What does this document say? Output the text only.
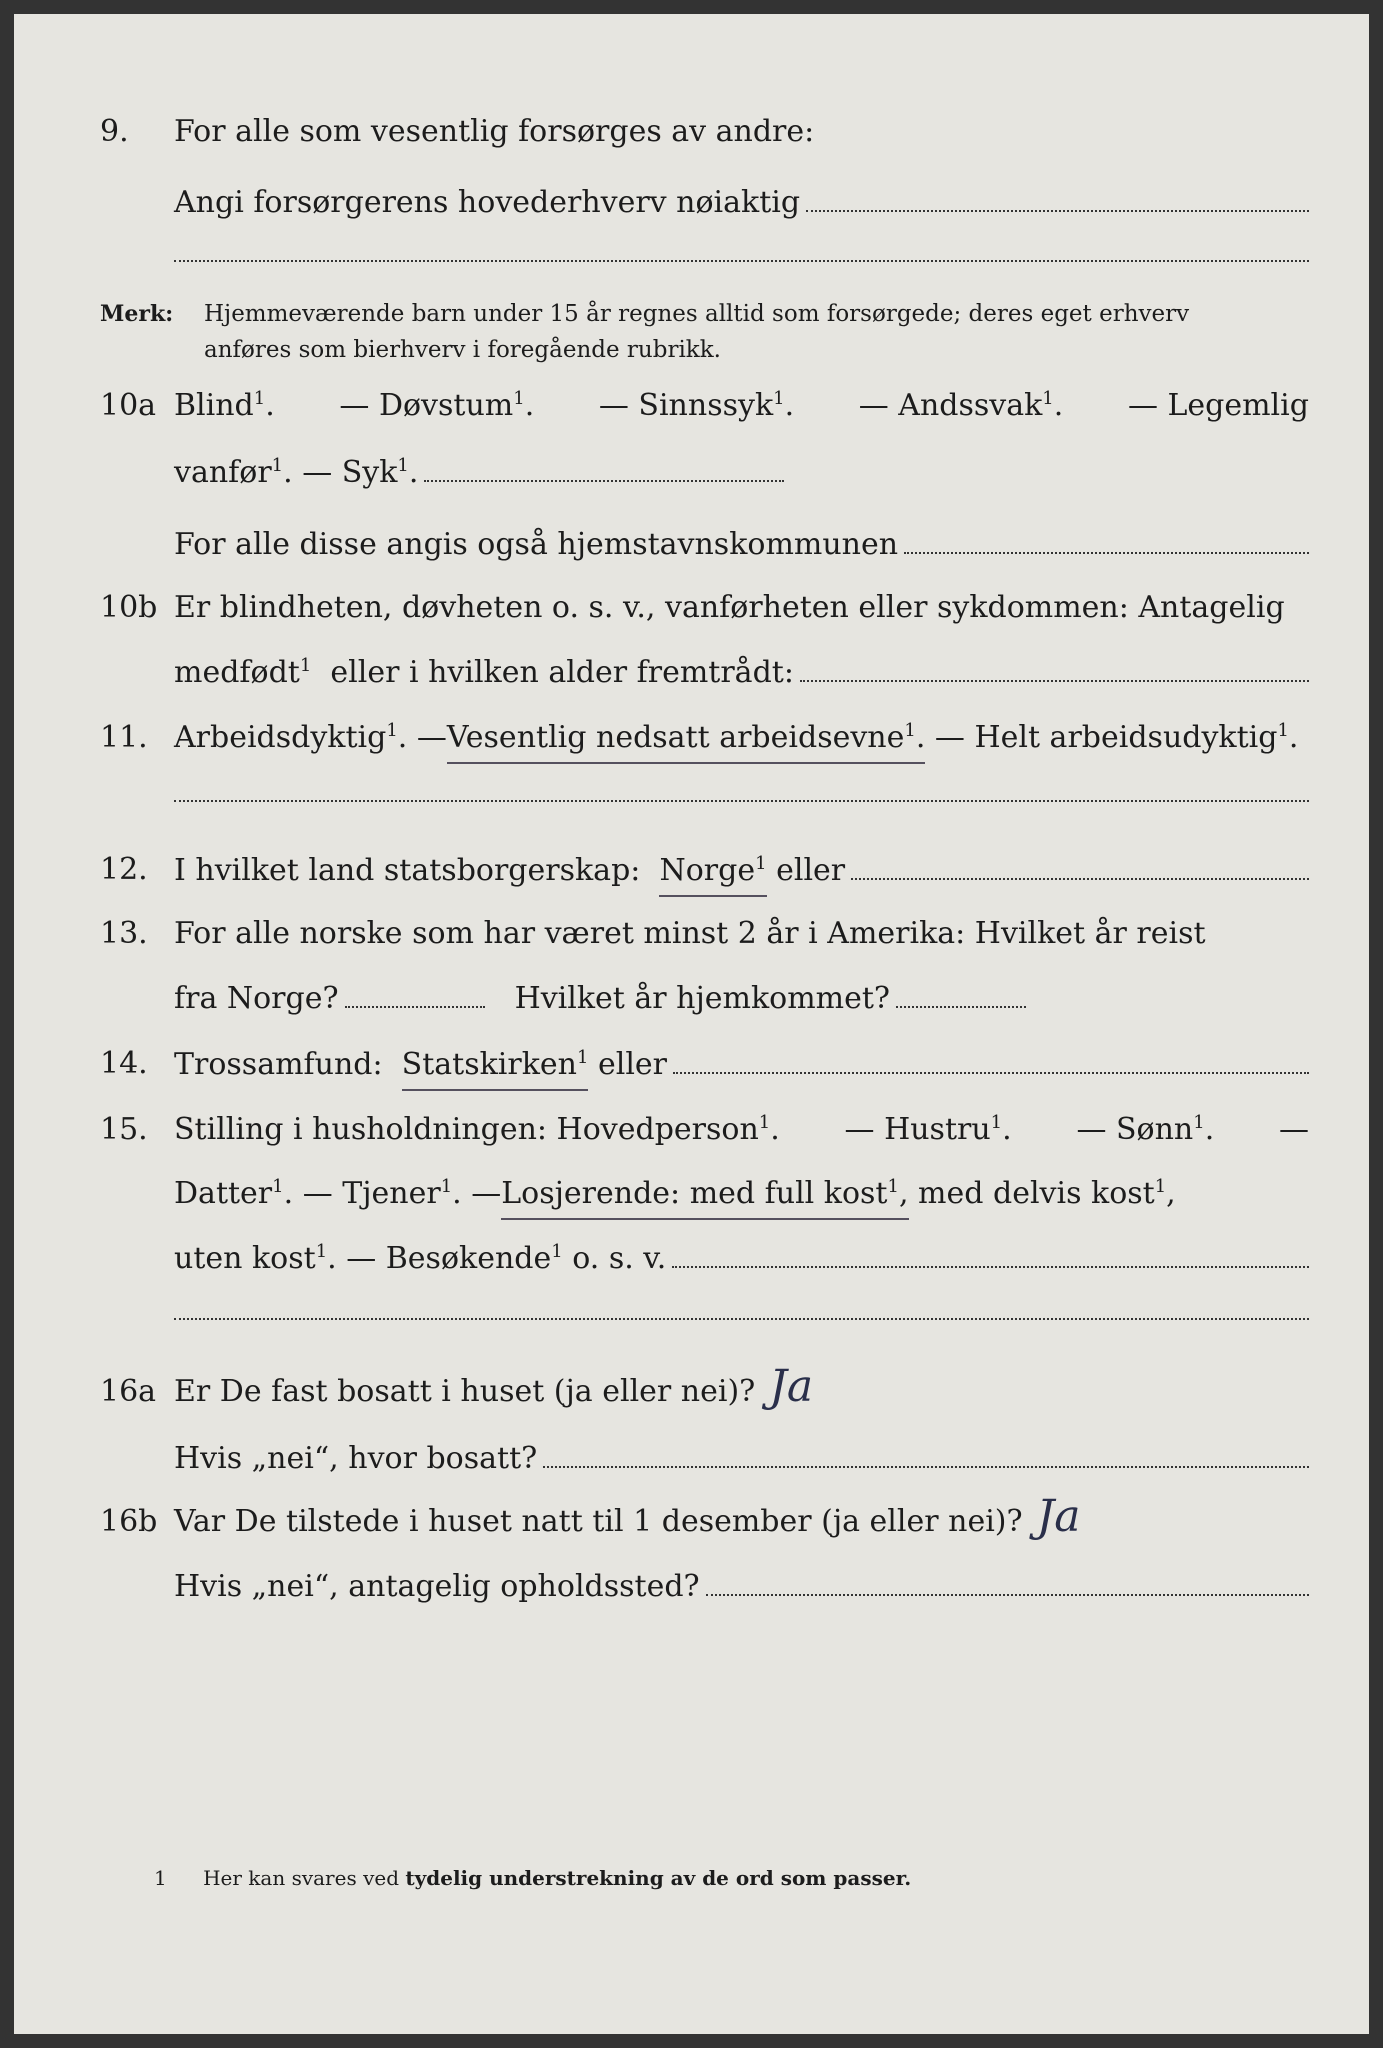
9. For alle som vesentlig forsørges av andre:
Angi forsørgerens hovederhverv nøiaktig
Merk: Hjemmeværende barn under 15 år regnes alltid som forsørgede; deres eget erhverv
anføres som bierhverv i foregående rubrikk.
10a Blind$^1$. — Døvstum$^1$. — Sinnssyk$^1$. — Andssvak$^1$. — Legemlig
vanfør$^1$. — Syk$^1$.
For alle disse angis også hjemstavnskommunen
10b Er blindheten, døvheten o. s. v., vanførheten eller sykdommen: Antagelig
medfødt$^1$ eller i hvilken alder fremtrådt:
11. Arbeidsdyktig$^1$. — Vesentlig nedsatt arbeidsevne$^1$. — Helt arbeidsudyktig$^1$.
12. I hvilket land statsborgerskap:
Norge$^1$
eller
13. For alle norske som har været minst 2 år i Amerika: Hvilket år reist
fra Norge?	Hvilket år hjemkommet?
14. Trossamfund:
Statskirken$^1$
eller
15. Stilling i husholdningen: Hovedperson$^1$. — Hustru$^1$. — Sønn$^1$. —
Datter$^1$. — Tjener$^1$. — Losjerende: med full kost$^1$,
med delvis kost$^1$,
uten kost$^1$. — Besøkende$^1$ o. s. v.
16a Er De fast bosatt i huset (ja eller nei)? Ja
Hvis „nei“, hvor bosatt?
16b Var De tilstede i huset natt til 1 desember (ja eller nei)? Ja
Hvis „nei“, antagelig opholdssted?
1 Her kan svares ved tydelig understrekning av de ord som passer.
